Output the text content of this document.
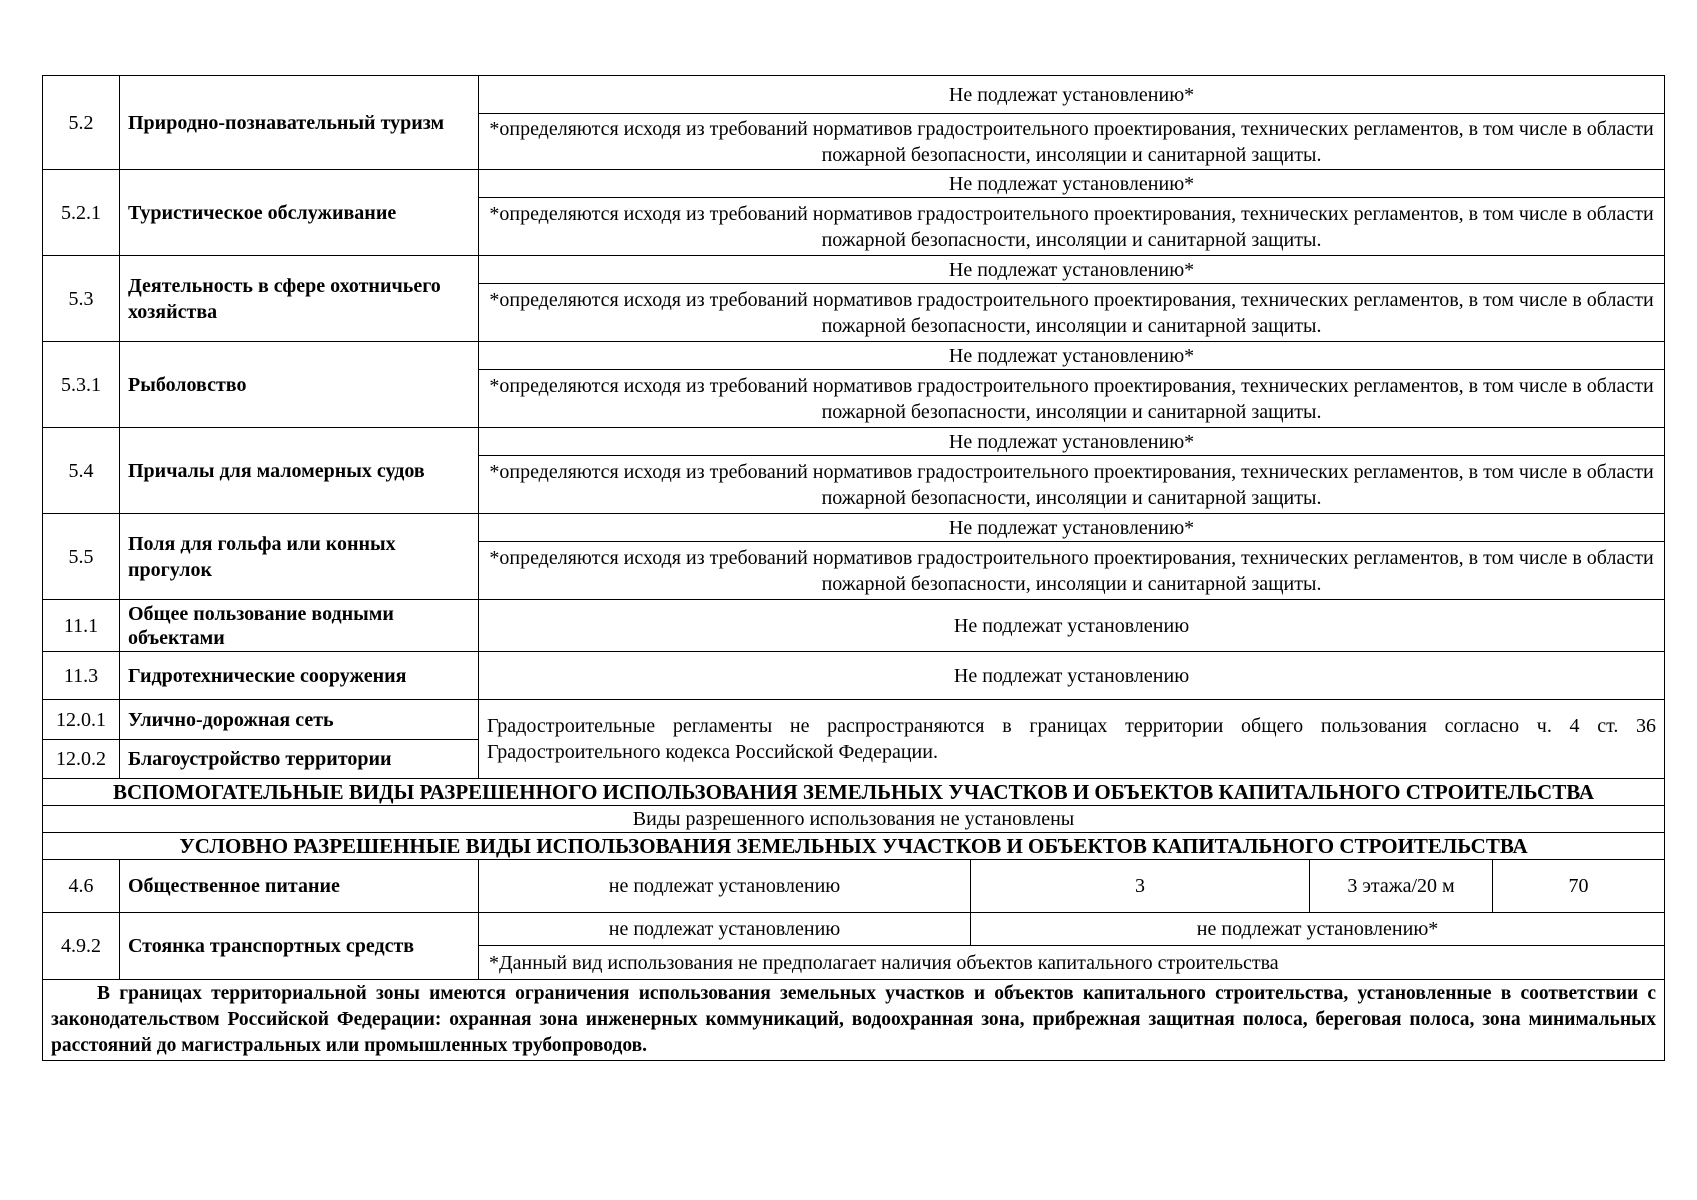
5.2	Природно-познавательный туризм	Не подлежат установлению*			
		*определяются исходя из требований нормативов градостроительного проектирования, технических регламентов, в том числе в области пожарной безопасности, инсоляции и санитарной защиты.			
5.2.1	Туристическое обслуживание	Не подлежат установлению*			
		*определяются исходя из требований нормативов градостроительного проектирования, технических регламентов, в том числе в области пожарной безопасности, инсоляции и санитарной защиты.			
5.3	Деятельность в сфере охотничьего хозяйства	Не подлежат установлению*			
		*определяются исходя из требований нормативов градостроительного проектирования, технических регламентов, в том числе в области пожарной безопасности, инсоляции и санитарной защиты.			
5.3.1	Рыболовство	Не подлежат установлению*			
		*определяются исходя из требований нормативов градостроительного проектирования, технических регламентов, в том числе в области пожарной безопасности, инсоляции и санитарной защиты.			
5.4	Причалы для маломерных судов	Не подлежат установлению*			
		*определяются исходя из требований нормативов градостроительного проектирования, технических регламентов, в том числе в области пожарной безопасности, инсоляции и санитарной защиты.			
5.5	Поля для гольфа или конных прогулок	Не подлежат установлению*			
		*определяются исходя из требований нормативов градостроительного проектирования, технических регламентов, в том числе в области пожарной безопасности, инсоляции и санитарной защиты.			
11.1	Общее пользование водными объектами	Не подлежат установлению			
11.3	Гидротехнические сооружения	Не подлежат установлению			
12.0.1	Улично-дорожная сеть	Градостроительные регламенты не распространяются в границах территории общего пользования согласно ч. 4 ст. 36 Градостроительного кодекса Российской Федерации.			
12.0.2	Благоустройство территории				
ВСПОМОГАТЕЛЬНЫЕ ВИДЫ РАЗРЕШЕННОГО ИСПОЛЬЗОВАНИЯ ЗЕМЕЛЬНЫХ УЧАСТКОВ И ОБЪЕКТОВ КАПИТАЛЬНОГО СТРОИТЕЛЬСТВА					
Виды разрешенного использования не установлены					
УСЛОВНО РАЗРЕШЕННЫЕ ВИДЫ ИСПОЛЬЗОВАНИЯ ЗЕМЕЛЬНЫХ УЧАСТКОВ И ОБЪЕКТОВ КАПИТАЛЬНОГО СТРОИТЕЛЬСТВА					
4.6	Общественное питание	не подлежат установлению	3	3 этажа/20 м	70
4.9.2	Стоянка транспортных средств	не подлежат установлению	не подлежат установлению*		
		*Данный вид использования не предполагает наличия объектов капитального строительства			
В границах территориальной зоны имеются ограничения использования земельных участков и объектов капитального строительства, установленные в соответствии с законодательством Российской Федерации: охранная зона инженерных коммуникаций, водоохранная зона, прибрежная защитная полоса, береговая полоса, зона минимальных расстояний до магистральных или промышленных трубопроводов.					
